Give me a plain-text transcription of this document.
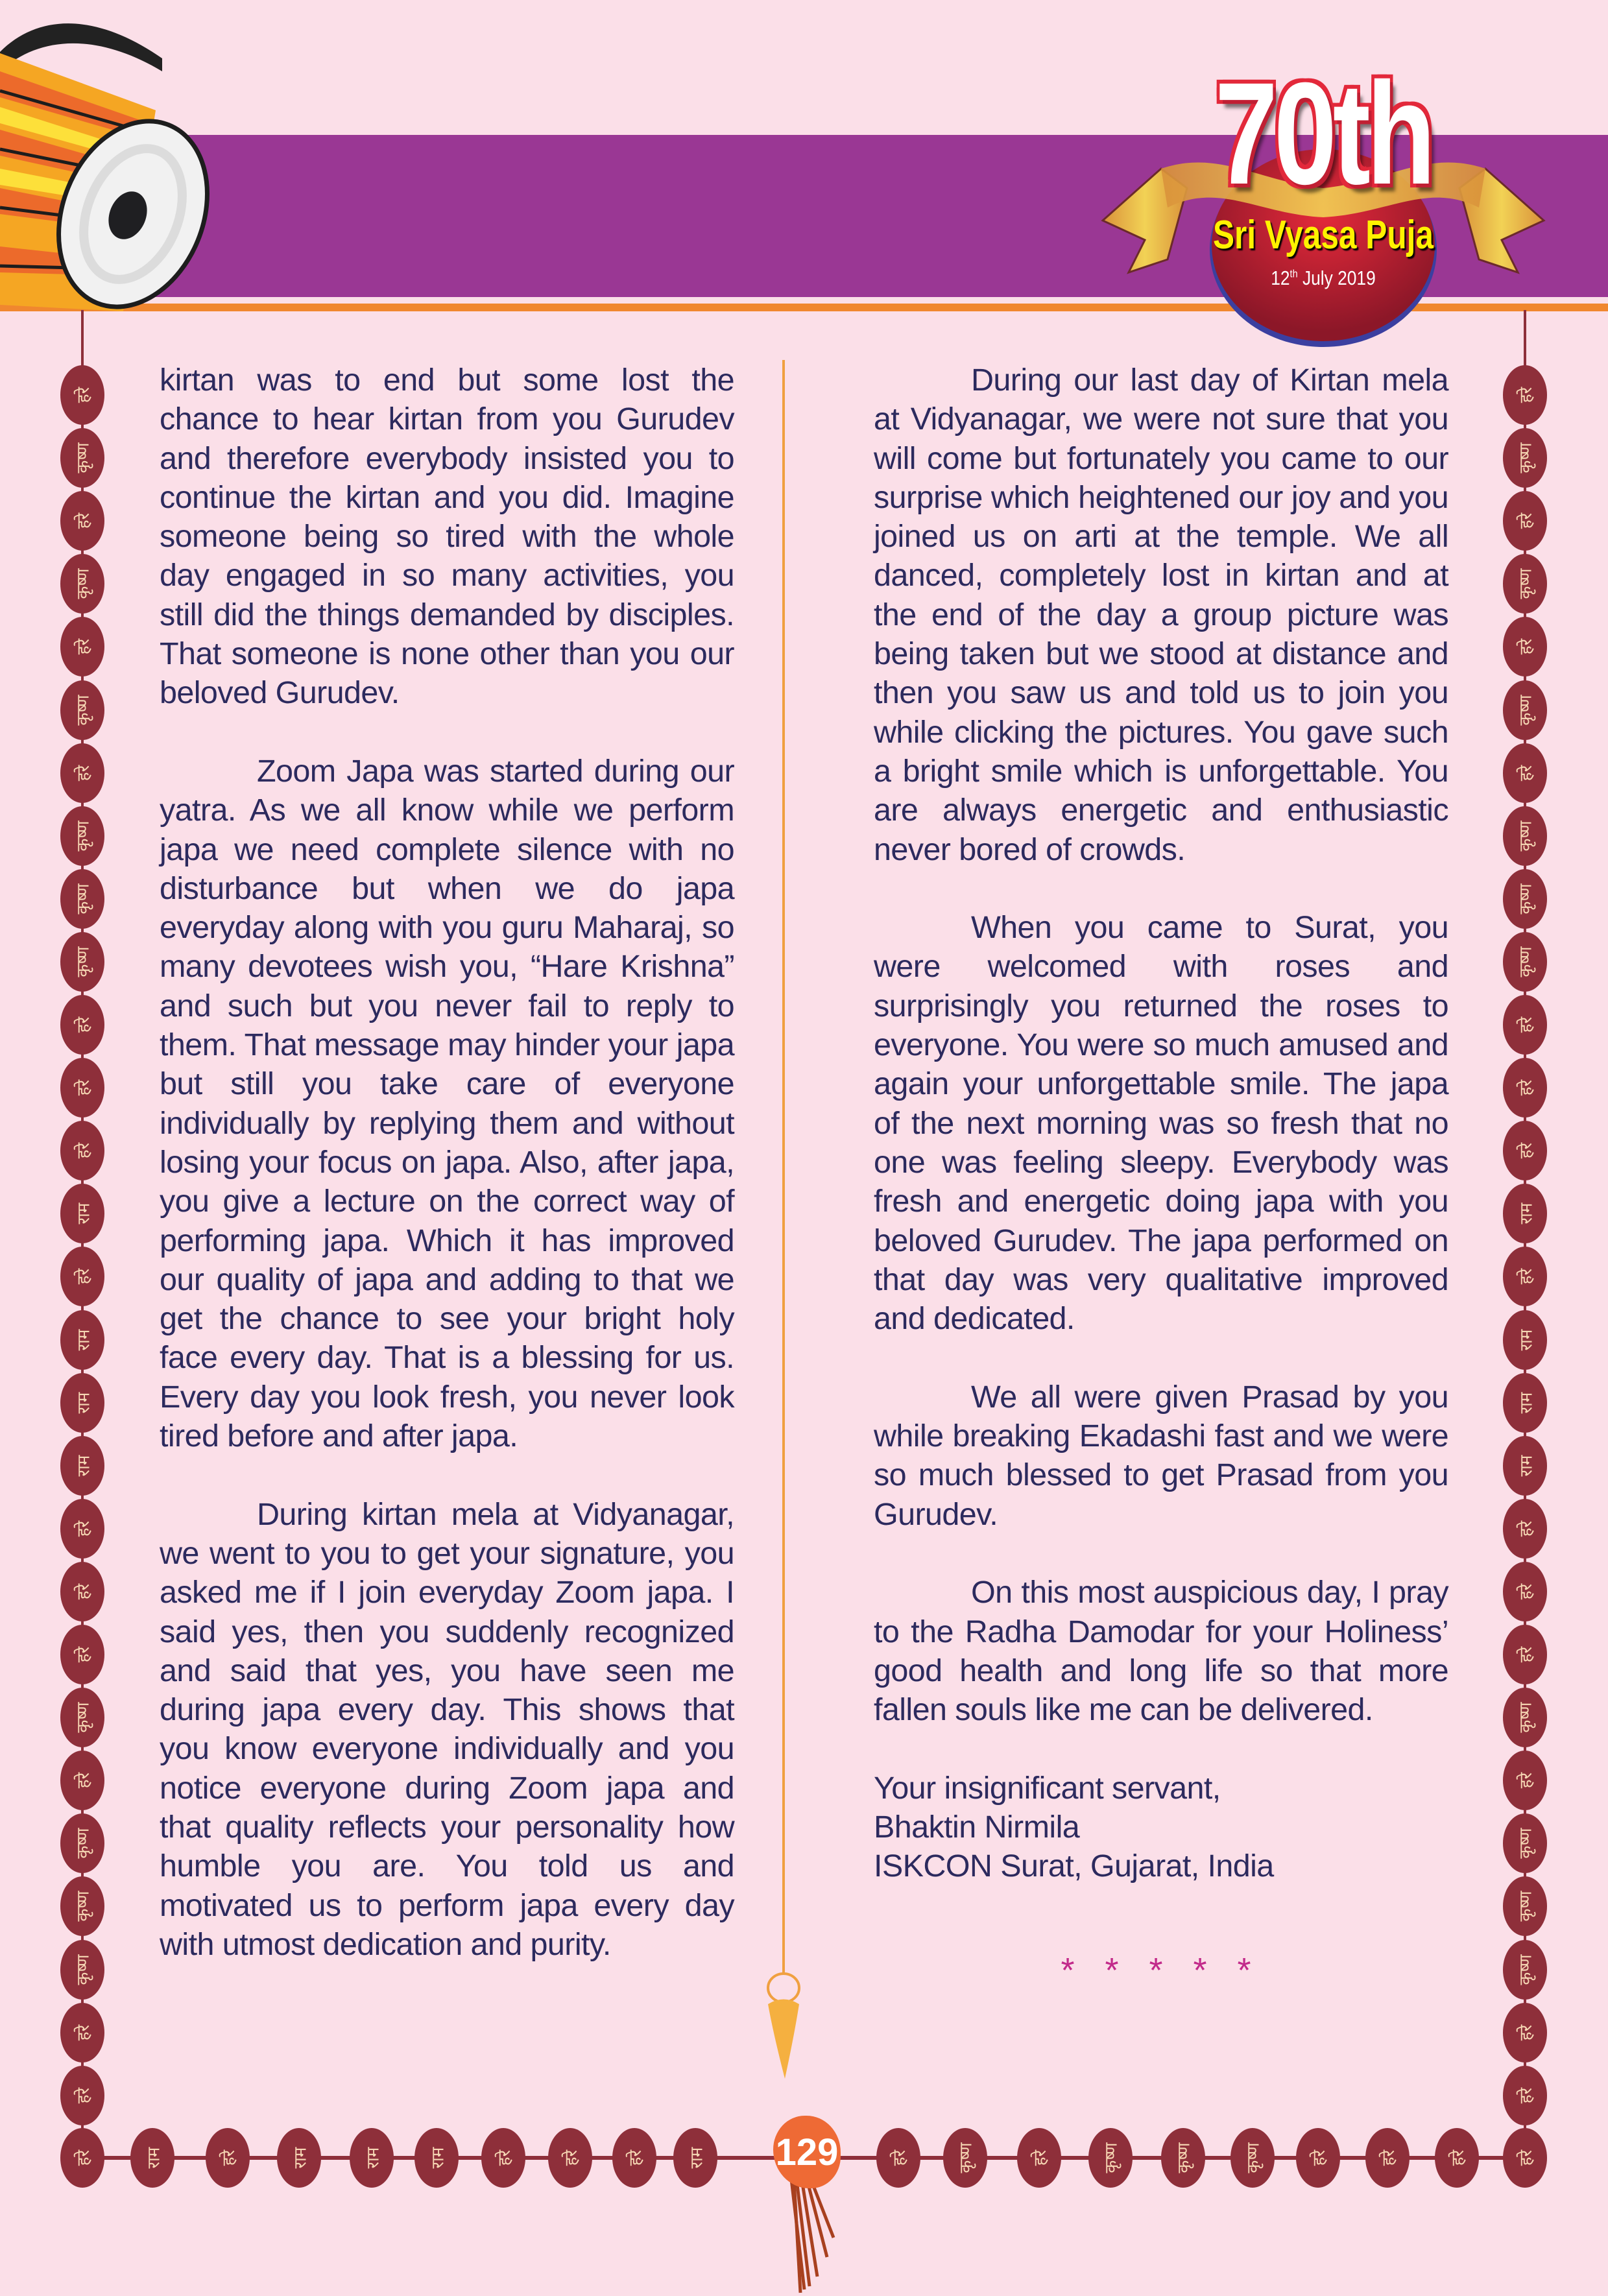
70th
Sri Vyasa Puja
12th July 2019
हरे	हरे
कृष्ण	कृष्ण
हरे	हरे
कृष्ण	कृष्ण
हरे	हरे
कृष्ण	कृष्ण
हरे	हरे
कृष्ण	कृष्ण
कृष्ण	कृष्ण
कृष्ण	कृष्ण
हरे	हरे
हरे	हरे
हरे	हरे
राम	राम
हरे	हरे
राम	राम
राम	राम
राम	राम
हरे	हरे
हरे	हरे
हरे	हरे
कृष्ण	कृष्ण
हरे	हरे
कृष्ण	कृष्ण
कृष्ण	कृष्ण
कृष्ण	कृष्ण
हरे	हरे
हरे	हरे
हरे	राम	हरे	राम	राम	राम	हरे	हरे	हरे राम	हरे	कृष्ण	हरे	कृष्ण	कृष्ण	कृष्ण	हरे	हरे	हरे	हरे

kirtan was to end but some lost the chance to hear kirtan from you Gurudev and therefore everybody insisted you to continue the kirtan and you did. Imagine someone being so tired with the whole day engaged in so many activities, you still did the things demanded by disciples. That someone is none other than you our beloved Gurudev.

Zoom Japa was started during our yatra. As we all know while we perform japa we need complete silence with no disturbance but when we do japa everyday along with you guru Maharaj, so many devotees wish you, “Hare Krishna” and such but you never fail to reply to them. That message may hinder your japa but still you take care of everyone individually by replying them and without losing your focus on japa. Also, after japa, you give a lecture on the correct way of performing japa. Which it has improved our quality of japa and adding to that we get the chance to see your bright holy face every day. That is a blessing for us. Every day you look fresh, you never look tired before and after japa.

During kirtan mela at Vidyanagar, we went to you to get your signature, you asked me if I join everyday Zoom japa. I said yes, then you suddenly recognized and said that yes, you have seen me during japa every day. This shows that you know everyone individually and you notice everyone during Zoom japa and that quality reflects your personality how humble you are. You told us and motivated us to perform japa every day with utmost dedication and purity.

During our last day of Kirtan mela at Vidyanagar, we were not sure that you will come but fortunately you came to our surprise which heightened our joy and you joined us on arti at the temple. We all danced, completely lost in kirtan and at the end of the day a group picture was being taken but we stood at distance and then you saw us and told us to join you while clicking the pictures. You gave such a bright smile which is unforgettable. You are always energetic and enthusiastic never bored of crowds.

When you came to Surat, you were welcomed with roses and surprisingly you returned the roses to everyone. You were so much amused and again your unforgettable smile. The japa of the next morning was so fresh that no one was feeling sleepy. Everybody was fresh and energetic doing japa with you beloved Gurudev. The japa performed on that day was very qualitative improved and dedicated.

We all were given Prasad by you while breaking Ekadashi fast and we were so much blessed to get Prasad from you Gurudev.

On this most auspicious day, I pray to the Radha Damodar for your Holiness’ good health and long life so that more fallen souls like me can be delivered.

Your insignificant servant,

Bhaktin Nirmila

ISKCON Surat, Gujarat, India

* * * * *
129
